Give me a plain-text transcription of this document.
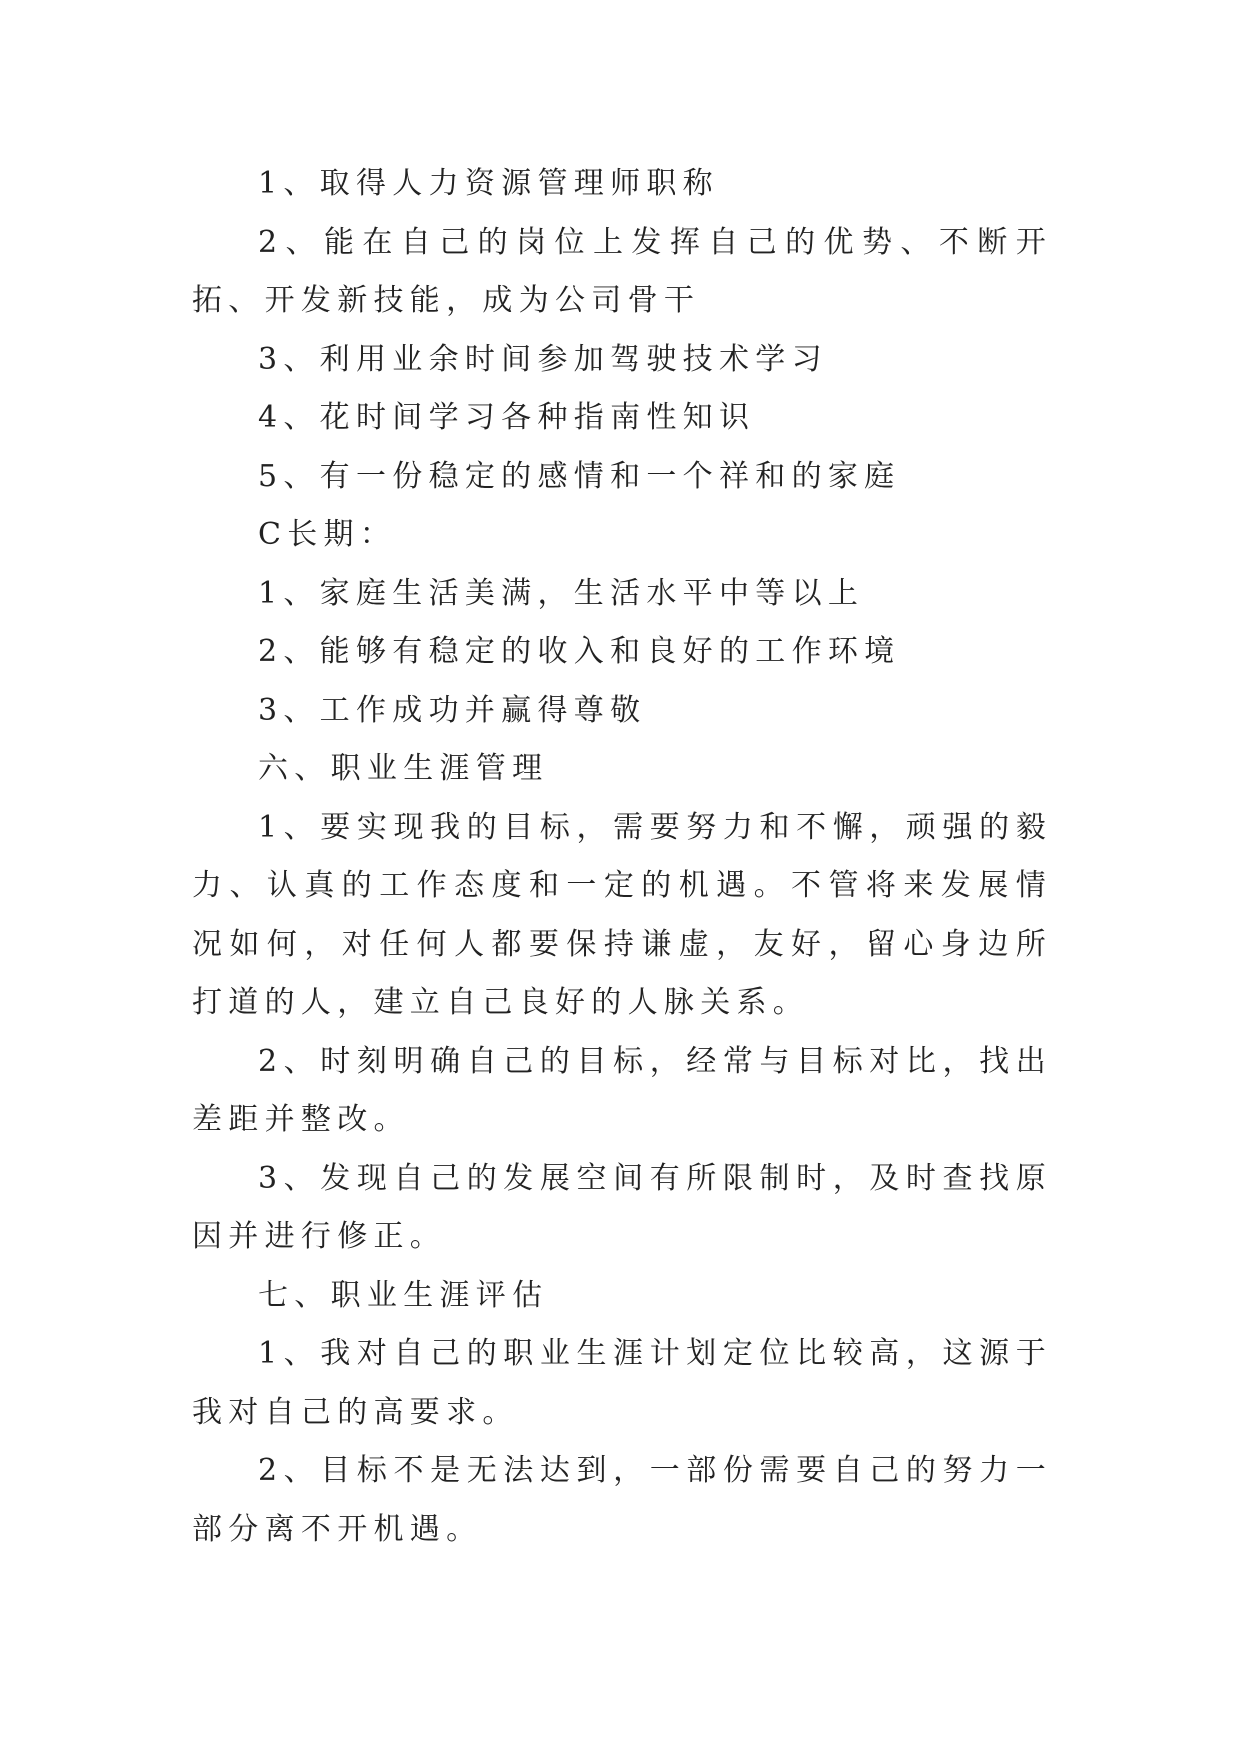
1、取得人力资源管理师职称

2、能在自己的岗位上发挥自己的优势、不断开拓、开发新技能，成为公司骨干

3、利用业余时间参加驾驶技术学习

4、花时间学习各种指南性知识

5、有一份稳定的感情和一个祥和的家庭

C长期：

1、家庭生活美满，生活水平中等以上

2、能够有稳定的收入和良好的工作环境

3、工作成功并赢得尊敬

六、职业生涯管理

1、要实现我的目标，需要努力和不懈，顽强的毅力、认真的工作态度和一定的机遇。不管将来发展情况如何，对任何人都要保持谦虚，友好，留心身边所打道的人，建立自己良好的人脉关系。

2、时刻明确自己的目标，经常与目标对比，找出差距并整改。

3、发现自己的发展空间有所限制时，及时查找原因并进行修正。

七、职业生涯评估

1、我对自己的职业生涯计划定位比较高，这源于我对自己的高要求。

2、目标不是无法达到，一部份需要自己的努力一部分离不开机遇。
